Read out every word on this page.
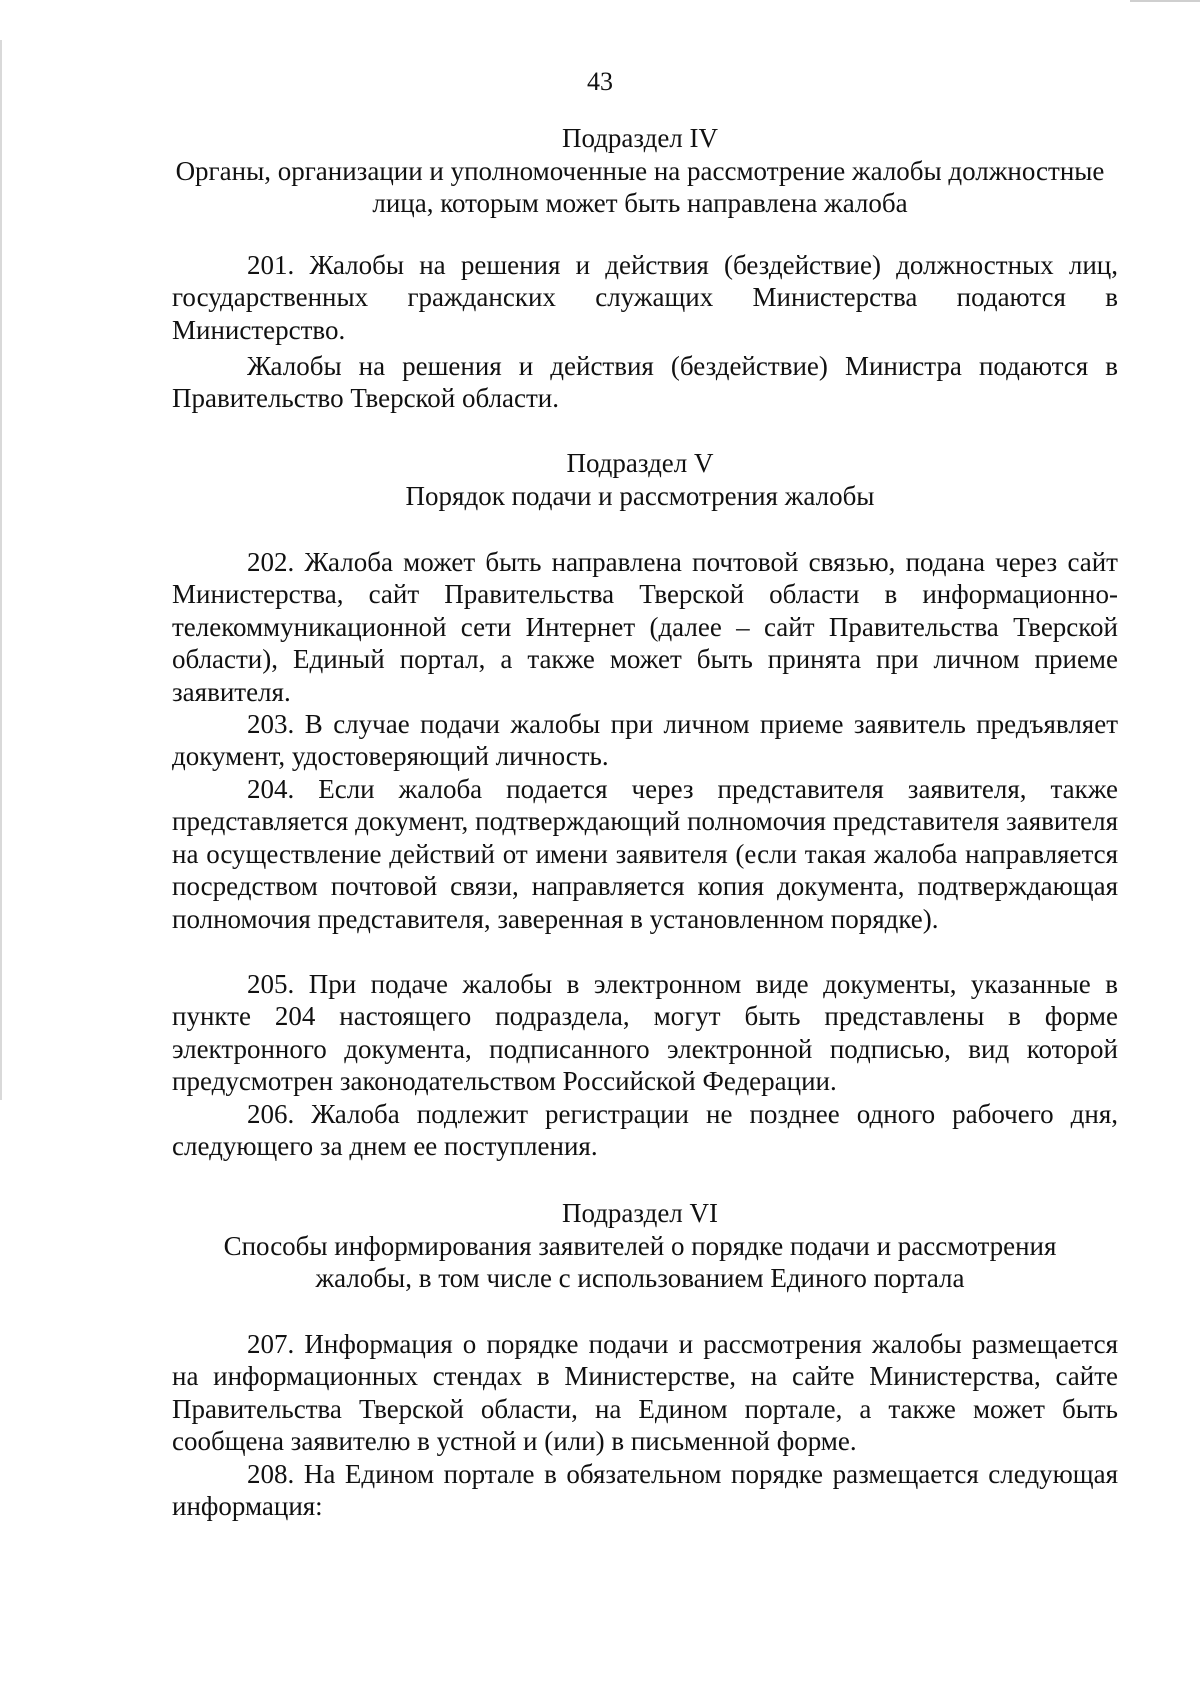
43
Подраздел IV
Органы, организации и уполномоченные на рассмотрение жалобы должностные лица, которым может быть направлена жалоба
201. Жалобы на решения и действия (бездействие) должностных лиц, государственных гражданских служащих Министерства подаются в Министерство.
Жалобы на решения и действия (бездействие) Министра подаются в Правительство Тверской области.
Подраздел V
Порядок подачи и рассмотрения жалобы
202. Жалоба может быть направлена почтовой связью, подана через сайт Министерства, сайт Правительства Тверской области в информационно-телекоммуникационной сети Интернет (далее – сайт Правительства Тверской области), Единый портал, а также может быть принята при личном приеме заявителя.
203. В случае подачи жалобы при личном приеме заявитель предъявляет документ, удостоверяющий личность.
204. Если жалоба подается через представителя заявителя, также представляется документ, подтверждающий полномочия представителя заявителя на осуществление действий от имени заявителя (если такая жалоба направляется посредством почтовой связи, направляется копия документа, подтверждающая полномочия представителя, заверенная в установленном порядке).
205. При подаче жалобы в электронном виде документы, указанные в пункте 204 настоящего подраздела, могут быть представлены в форме электронного документа, подписанного электронной подписью, вид которой предусмотрен законодательством Российской Федерации.
206. Жалоба подлежит регистрации не позднее одного рабочего дня, следующего за днем ее поступления.
Подраздел VI
Способы информирования заявителей о порядке подачи и рассмотрения жалобы, в том числе с использованием Единого портала
207. Информация о порядке подачи и рассмотрения жалобы размещается на информационных стендах в Министерстве, на сайте Министерства, сайте Правительства Тверской области, на Едином портале, а также может быть сообщена заявителю в устной и (или) в письменной форме.
208. На Едином портале в обязательном порядке размещается следующая информация:
